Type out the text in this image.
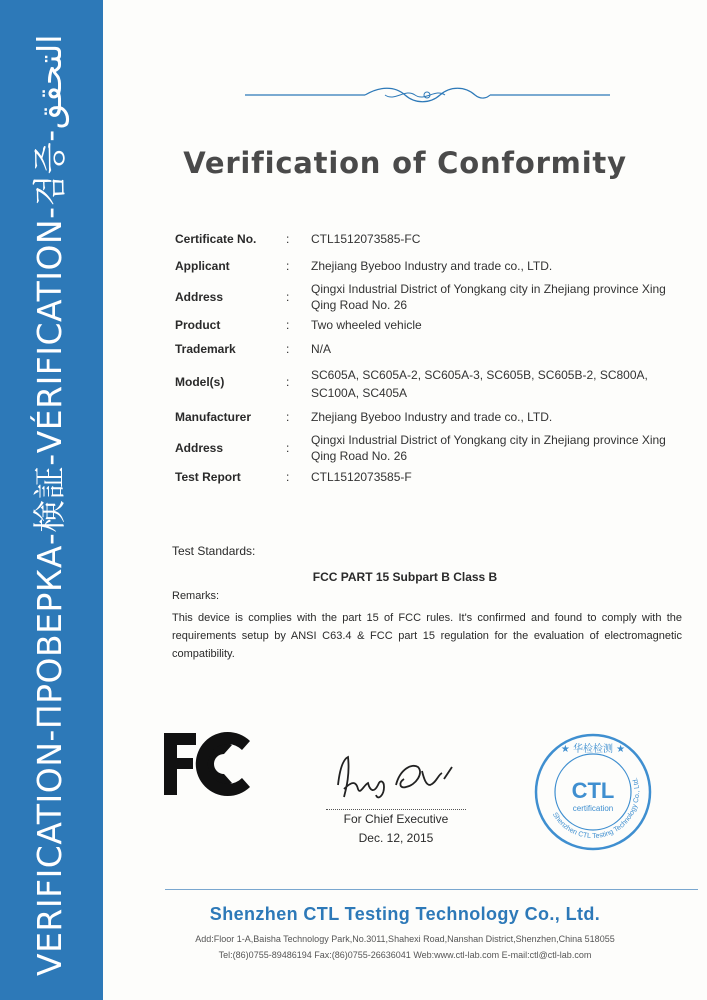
VERIFICATION-ПРОВЕРКА-検証-VÉRIFICATION-검증-التحقق
Verification of Conformity
Certificate No.	: CTL1512073585-FC
Applicant	: Zhejiang Byeboo Industry and trade co., LTD.
Address	:
Qingxi Industrial District of Yongkang city in Zhejiang province Xing Qing Road No. 26
Product	: Two wheeled vehicle
Trademark	: N/A
Model(s)	: SC605A, SC605A-2, SC605A-3, SC605B, SC605B-2, SC800A, SC100A, SC405A
Manufacturer	: Zhejiang Byeboo Industry and trade co., LTD.
Address	:
Qingxi Industrial District of Yongkang city in Zhejiang province Xing Qing Road No. 26
Test Report	: CTL1512073585-F
Test Standards:
FCC PART 15 Subpart B Class B
Remarks:
This device is complies with the part 15 of FCC rules. It's confirmed and found to comply with the requirements setup by ANSI C63.4 & FCC part 15 regulation for the evaluation of electromagnetic compatibility.
For Chief Executive
Dec. 12, 2015
★ 华检检测 ★
CTL
certification
Shenzhen CTL Testing Technology Co., Ltd.
Shenzhen CTL Testing Technology Co., Ltd.
Add:Floor 1-A,Baisha Technology Park,No.3011,Shahexi Road,Nanshan District,Shenzhen,China 518055
Tel:(86)0755-89486194 Fax:(86)0755-26636041 Web:www.ctl-lab.com E-mail:ctl@ctl-lab.com
